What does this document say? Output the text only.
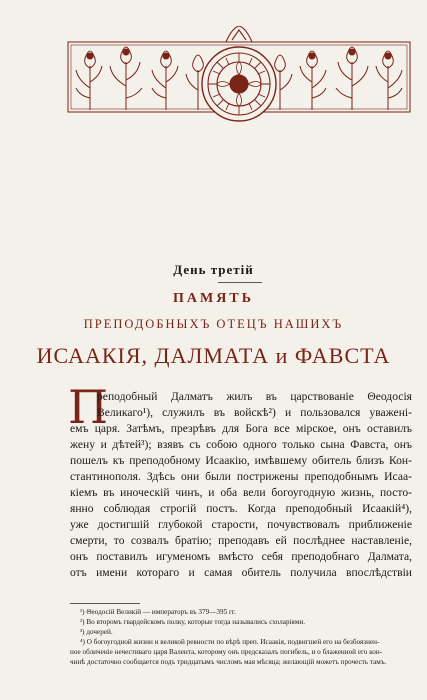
День третій
ПАМЯТЬ
ПРЕПОДОБНЫХЪ ОТЕЦЪ НАШИХЪ
ИСААКІЯ, ДАЛМАТА и ФАВСТА
П
реподобный Далматъ жилъ въ царствованіе Θеодосія
Великаго¹), служилъ въ войскѣ²) и пользовался уваженi-
емъ царя. Затѣмъ, презрѣвъ для Бога все мірское, онъ оставилъ
жену и дѣтей³); взявъ съ собою одного только сына Фавста, онъ
пошелъ къ преподобному Исаакію, имѣвшему обитель близъ Кон-
стантинополя. Здѣсь они были пострижены преподобнымъ Исаа-
кіемъ въ иноческій чинъ, и оба вели богоугодную жизнь, посто-
янно соблюдая строгій постъ. Когда преподобный Исаакій⁴),
уже достигшій глубокой старости, почувствовалъ приближеніе
смерти, то созвалъ братію; преподавъ ей послѣднее наставленіе,
онъ поставилъ игуменомъ вмѣсто себя преподобнаго Далмата,
отъ имени котораго и самая обитель получила впослѣдствіи
¹) Θеодосій Великій — императоръ въ 379—395 гг.
²) Во второмъ гвардейскомъ полку, которые тогда назывались схоларіями.
³) дочерей.
⁴) О богоугодной жизни и великой ревности по вѣрѣ преп. Исаакія, подвигшей его на безбоязнен-
ное обличеніе нечестиваго царя Валента, которому онъ предсказалъ погибель, и о блаженной его кон-
чинѣ достаточно сообщается подъ тридцатымъ числомъ мая мѣсяца; желающій можетъ прочесть тамъ.
